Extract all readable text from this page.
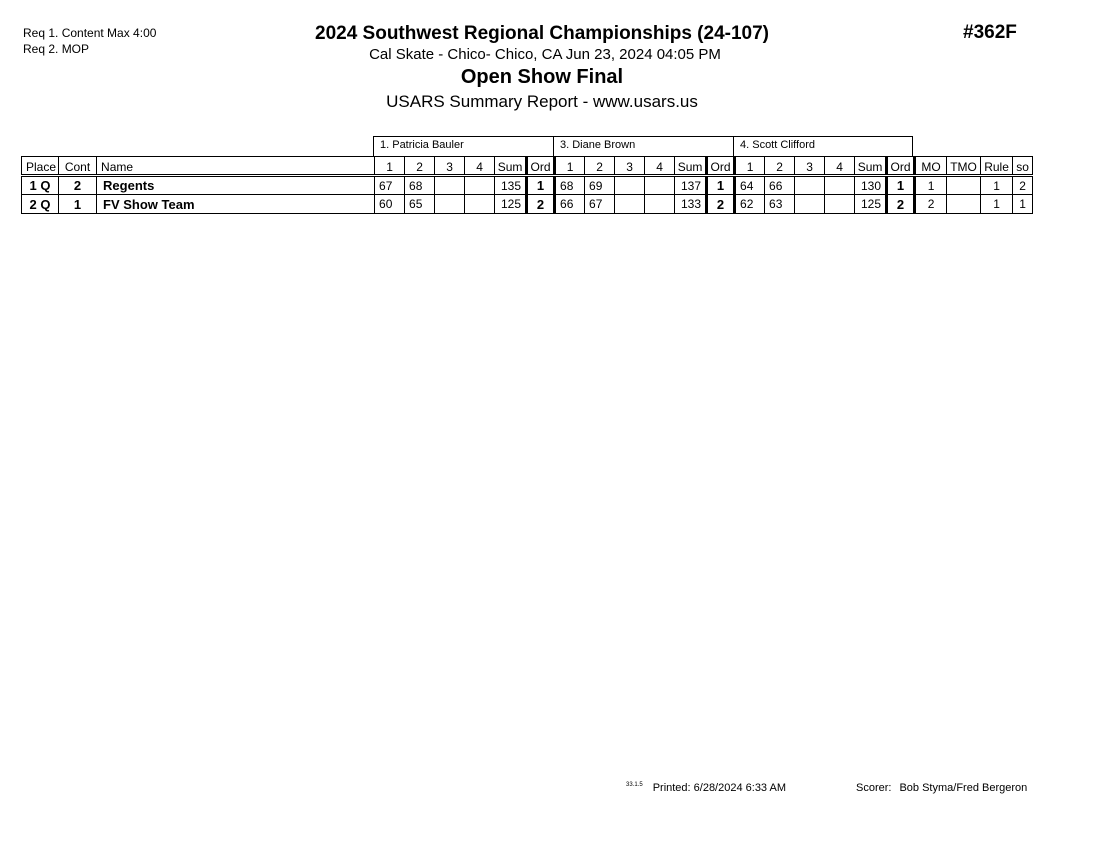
Req 1. Content Max 4:00
Req 2. MOP
#362F
2024 Southwest Regional Championships (24-107)
Cal Skate - Chico- Chico, CA Jun 23, 2024 04:05 PM
Open Show Final
USARS Summary Report - www.usars.us
1. Patricia Bauler	3. Diane Brown	4. Scott Clifford
Place	Cont	Name	1	2	3	4	Sum	Ord	1	2	3	4	Sum	Ord	1	2	3	4	Sum	Ord	MO	TMO	Rule	so
1 Q	2	Regents	67	68			135	1	68	69			137	1	64	66			130	1	1		1	2
2 Q	1	FV Show Team	60	65			125	2	66	67			133	2	62	63			125	2	2		1	1
$^{33.1.5}$ Printed: 6/28/2024 6:33 AM	Scorer: Bob Styma/Fred Bergeron
